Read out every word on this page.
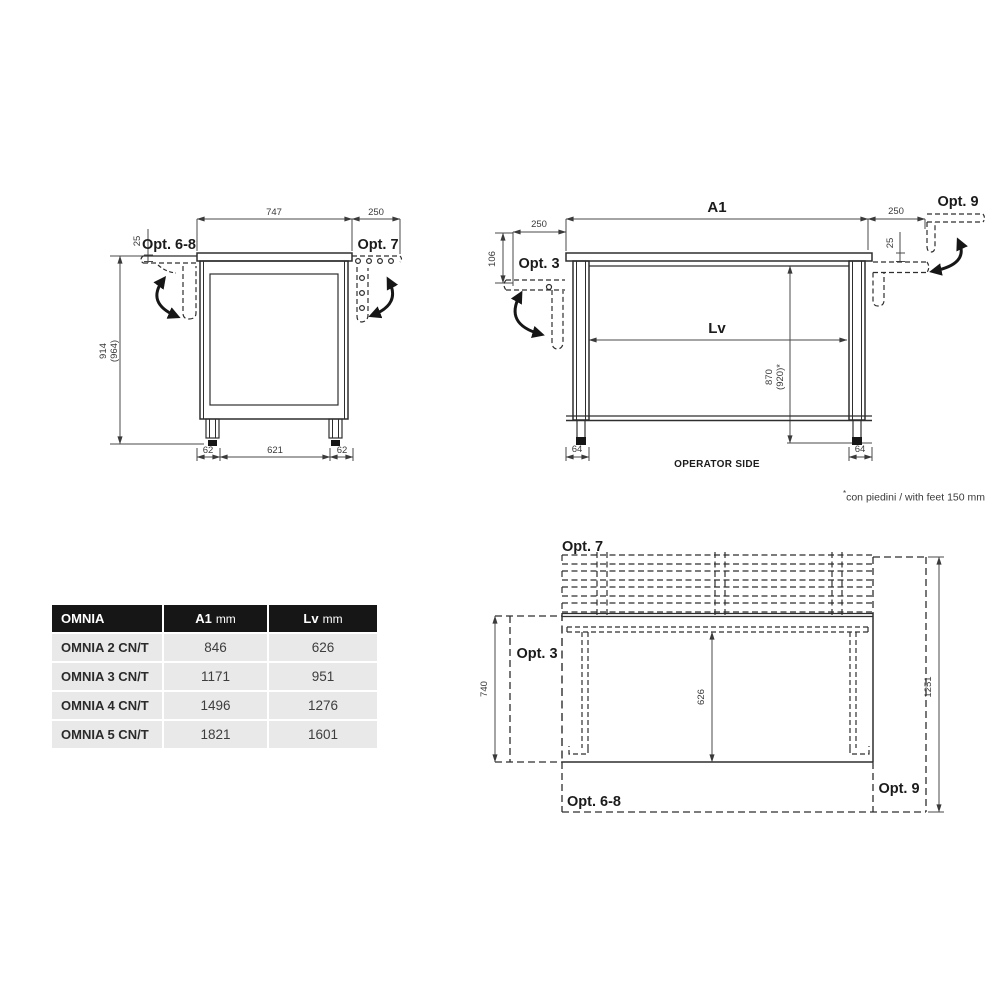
Opt. 6-8	Opt. 7
747	250
25
914 (964)
62	621	62
A1	250
Opt. 9
25
250
106 Opt. 3
Lv
870 (920)*
64	64
OPERATOR SIDE
*con piedini / with feet 150 mm
Opt. 7
Opt. 3
Opt. 6-8
Opt. 9
740
626	1251
OMNIA	A1 mm	Lv mm
OMNIA 2 CN/T	846	626
OMNIA 3 CN/T	1171	951
OMNIA 4 CN/T	1496	1276
OMNIA 5 CN/T	1821	1601
